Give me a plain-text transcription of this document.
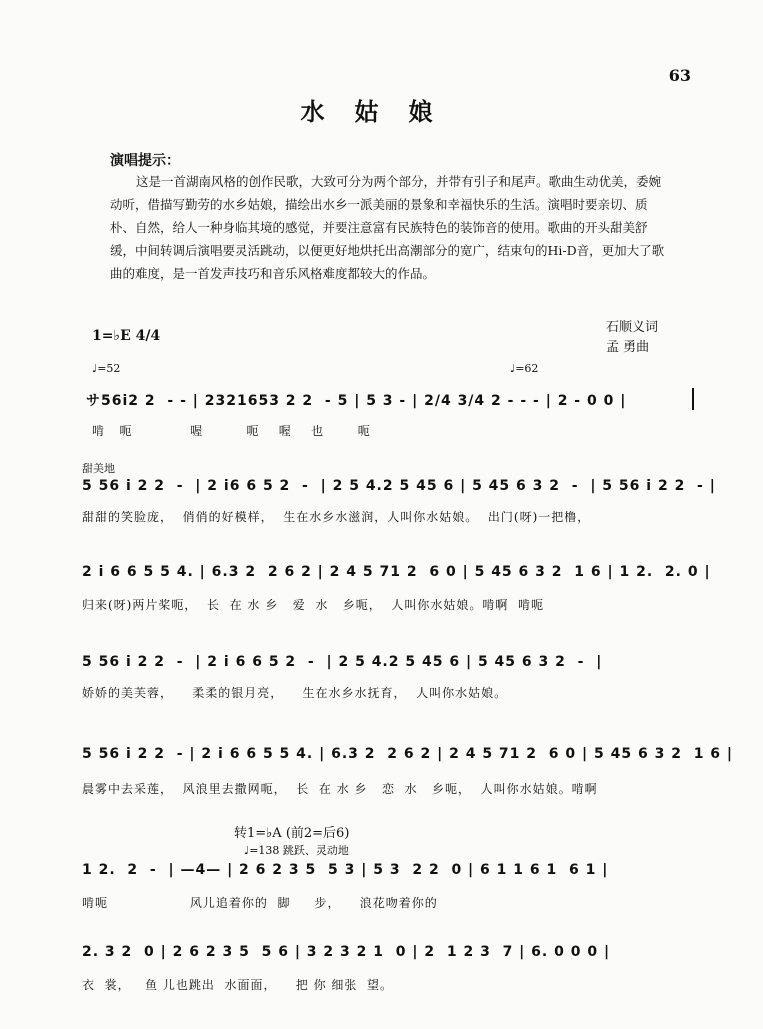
63
水姑娘
演唱提示：
这是一首湖南风格的创作民歌，大致可分为两个部分，并带有引子和尾声。歌曲生动优美，委婉动听，借描写勤劳的水乡姑娘，描绘出水乡一派美丽的景象和幸福快乐的生活。演唱时要亲切、质朴、自然，给人一种身临其境的感觉，并要注意富有民族特色的装饰音的使用。歌曲的开头甜美舒缓，中间转调后演唱要灵活跳动，以便更好地烘托出高潮部分的宽广，结束句的Hi-D音，更加大了歌曲的难度，是一首发声技巧和音乐风格难度都较大的作品。
石顺义词
孟 勇曲
1=♭E 4/4
♩=52	♩=62
サ56i2 2  - - | 2321653 2 2  - 5 | 5 3 - | 2/4 3/4 2 - - - | 2 - 0 0 |
啃   呃            喔         呃    喔    也       呃
甜美地
5 56 i 2 2  -  | 2 i6 6 5 2  -  | 2 5 4.2 5 45 6 | 5 45 6 3 2  -  | 5 56 i 2 2  - |
甜甜的笑脸庞，  俏俏的好模样，  生在水乡水滋润，人叫你水姑娘。  出门(呀)一把橹，
2 i 6 6 5 5 4. | 6.3 2  2 6 2 | 2 4 5 71 2  6 0 | 5 45 6 3 2  1 6 | 1 2.  2. 0 |
归来(呀)两片桨呃，  长  在 水 乡   爱  水   乡呃，  人叫你水姑娘。啃啊  啃呃
5 56 i 2 2  -  | 2 i 6 6 5 2  -  | 2 5 4.2 5 45 6 | 5 45 6 3 2  -  |
娇娇的美芙蓉，    柔柔的银月亮，    生在水乡水抚育，  人叫你水姑娘。
5 56 i 2 2  - | 2 i 6 6 5 5 4. | 6.3 2  2 6 2 | 2 4 5 71 2  6 0 | 5 45 6 3 2  1 6 |
晨雾中去采莲，  风浪里去撒网呃，  长  在 水 乡   恋  水   乡呃，  人叫你水姑娘。啃啊
转1=♭A (前2=后6)
♩=138 跳跃、灵动地
1 2.  2  -  | —4— | 2 6 2 3 5  5 3 | 5 3  2 2  0 | 6 1 1 6 1  6 1 |
啃呃                 风儿追着你的  脚     步，    浪花吻着你的
2. 3 2  0 | 2 6 2 3 5  5 6 | 3 2 3 2 1  0 | 2  1 2 3  7 | 6. 0 0 0 |
衣  裳，   鱼 儿也跳出  水面面，    把 你 细张  望。
